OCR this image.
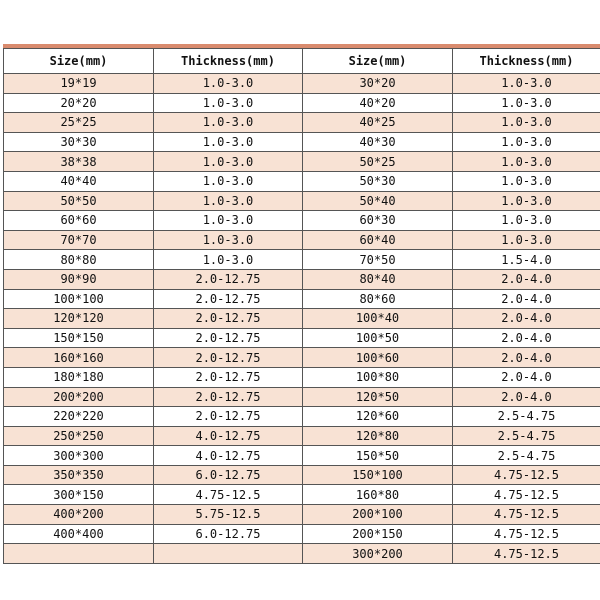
Size(mm)	Thickness(mm)	Size(mm)	Thickness(mm)
19*19	1.0-3.0	30*20	1.0-3.0
20*20	1.0-3.0	40*20	1.0-3.0
25*25	1.0-3.0	40*25	1.0-3.0
30*30	1.0-3.0	40*30	1.0-3.0
38*38	1.0-3.0	50*25	1.0-3.0
40*40	1.0-3.0	50*30	1.0-3.0
50*50	1.0-3.0	50*40	1.0-3.0
60*60	1.0-3.0	60*30	1.0-3.0
70*70	1.0-3.0	60*40	1.0-3.0
80*80	1.0-3.0	70*50	1.5-4.0
90*90	2.0-12.75	80*40	2.0-4.0
100*100	2.0-12.75	80*60	2.0-4.0
120*120	2.0-12.75	100*40	2.0-4.0
150*150	2.0-12.75	100*50	2.0-4.0
160*160	2.0-12.75	100*60	2.0-4.0
180*180	2.0-12.75	100*80	2.0-4.0
200*200	2.0-12.75	120*50	2.0-4.0
220*220	2.0-12.75	120*60	2.5-4.75
250*250	4.0-12.75	120*80	2.5-4.75
300*300	4.0-12.75	150*50	2.5-4.75
350*350	6.0-12.75	150*100	4.75-12.5
300*150	4.75-12.5	160*80	4.75-12.5
400*200	5.75-12.5	200*100	4.75-12.5
400*400	6.0-12.75	200*150	4.75-12.5
		300*200	4.75-12.5
